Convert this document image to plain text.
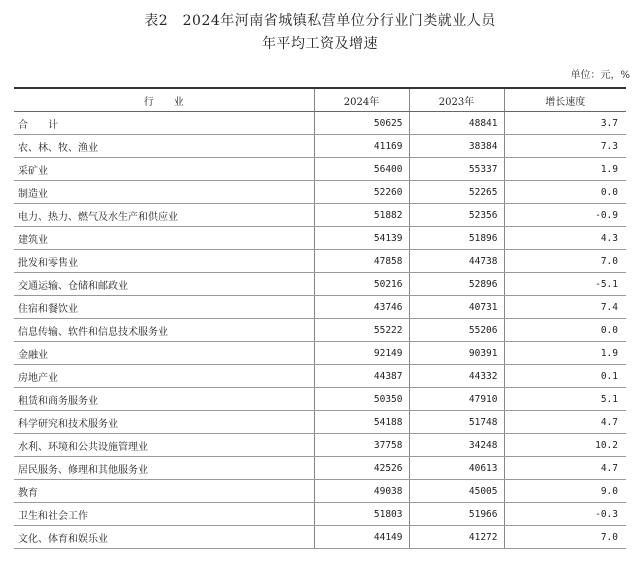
表2　2024年河南省城镇私营单位分行业门类就业人员
年平均工资及增速
单位：元，%
行　　业	2024年	2023年	增长速度
合　　计	50625	48841	3.7
农、林、牧、渔业	41169	38384	7.3
采矿业	56400	55337	1.9
制造业	52260	52265	0.0
电力、热力、燃气及水生产和供应业	51882	52356	-0.9
建筑业	54139	51896	4.3
批发和零售业	47858	44738	7.0
交通运输、仓储和邮政业	50216	52896	-5.1
住宿和餐饮业	43746	40731	7.4
信息传输、软件和信息技术服务业	55222	55206	0.0
金融业	92149	90391	1.9
房地产业	44387	44332	0.1
租赁和商务服务业	50350	47910	5.1
科学研究和技术服务业	54188	51748	4.7
水利、环境和公共设施管理业	37758	34248	10.2
居民服务、修理和其他服务业	42526	40613	4.7
教育	49038	45005	9.0
卫生和社会工作	51803	51966	-0.3
文化、体育和娱乐业	44149	41272	7.0
